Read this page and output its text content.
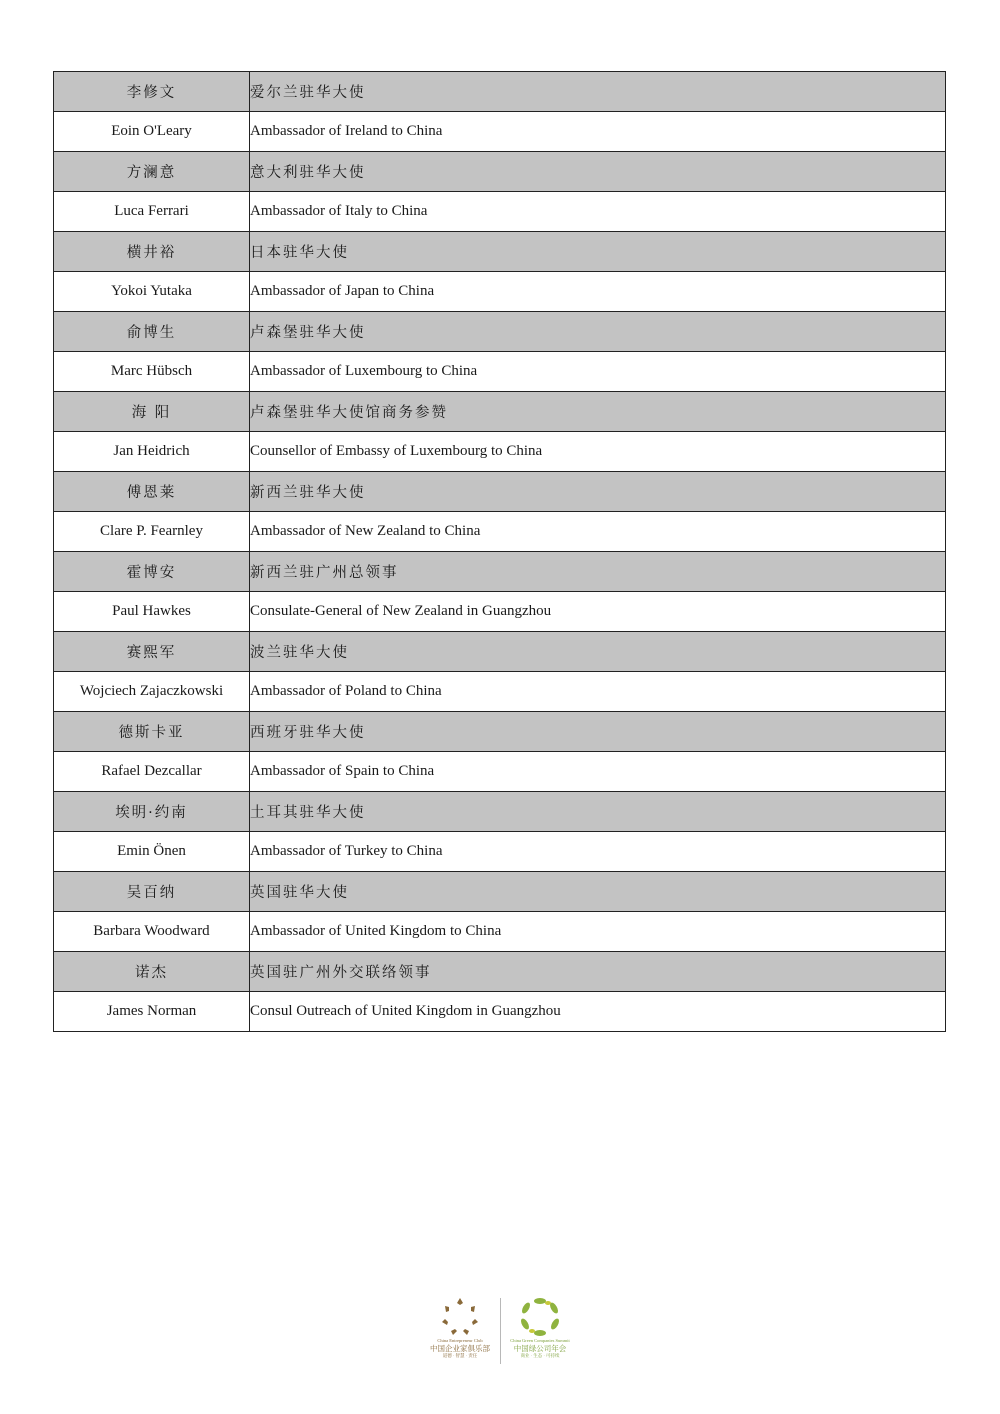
李修文	爱尔兰驻华大使
Eoin O'Leary	Ambassador of Ireland to China
方澜意	意大利驻华大使
Luca Ferrari	Ambassador of Italy to China
横井裕	日本驻华大使
Yokoi Yutaka	Ambassador of Japan to China
俞博生	卢森堡驻华大使
Marc Hübsch	Ambassador of Luxembourg to China
海 阳	卢森堡驻华大使馆商务参赞
Jan Heidrich	Counsellor of Embassy of Luxembourg to China
傅恩莱	新西兰驻华大使
Clare P. Fearnley	Ambassador of New Zealand to China
霍博安	新西兰驻广州总领事
Paul Hawkes	Consulate-General of New Zealand in Guangzhou
赛熙军	波兰驻华大使
Wojciech Zajaczkowski	Ambassador of Poland to China
德斯卡亚	西班牙驻华大使
Rafael Dezcallar	Ambassador of Spain to China
埃明·约南	土耳其驻华大使
Emin Önen	Ambassador of Turkey to China
吴百纳	英国驻华大使
Barbara Woodward	Ambassador of United Kingdom to China
诺杰	英国驻广州外交联络领事
James Norman	Consul Outreach of United Kingdom in Guangzhou
China Entrepreneur Club
中国企业家俱乐部
道德 · 智慧 · 责任
China Green Companies Summit
中国绿公司年会
商业 · 生态 · 可持续
